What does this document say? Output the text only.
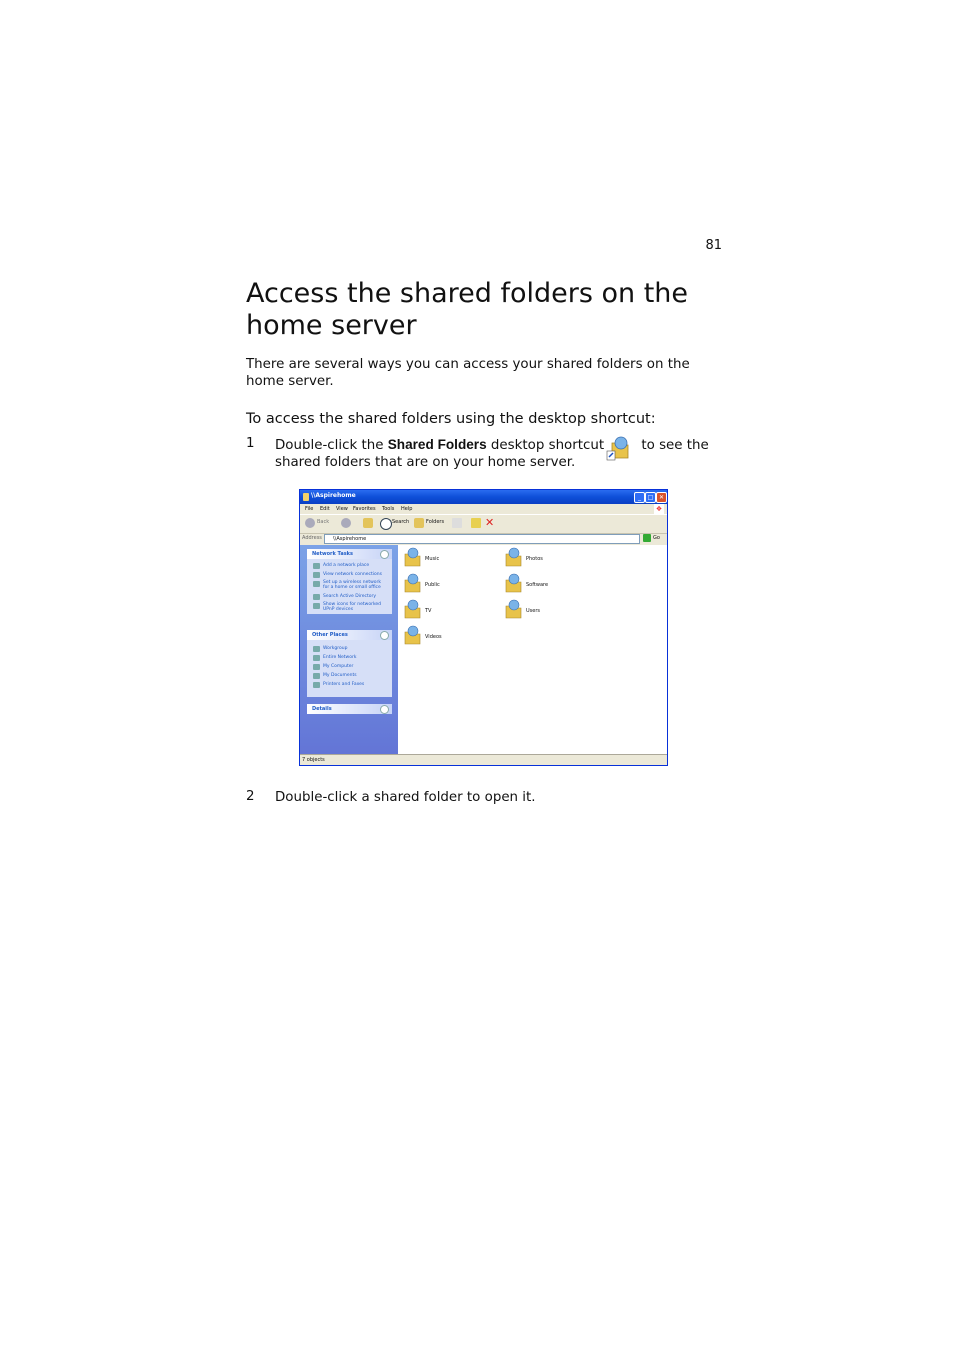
81
Access the shared folders on the home server
There are several ways you can access your shared folders on the home server.
To access the shared folders using the desktop shortcut:
1 Double-click the Shared Folders desktop shortcut to see the shared folders that are on your home server.
\\Aspirehome	_	□ ✕
File Edit View Favorites Tools Help	❖
Back	Search	Folders	✕
Address \\Aspirehome	Go
Network Tasks
Add a network place
View network connections
Set up a wireless network for a home or small office
Search Active Directory
Show icons for networked UPnP devices
Other Places
Workgroup
Entire Network
My Computer
My Documents
Printers and Faxes
Details
Music	Photos
Public	Software
TV	Users
Videos
7 objects
2 Double-click a shared folder to open it.
